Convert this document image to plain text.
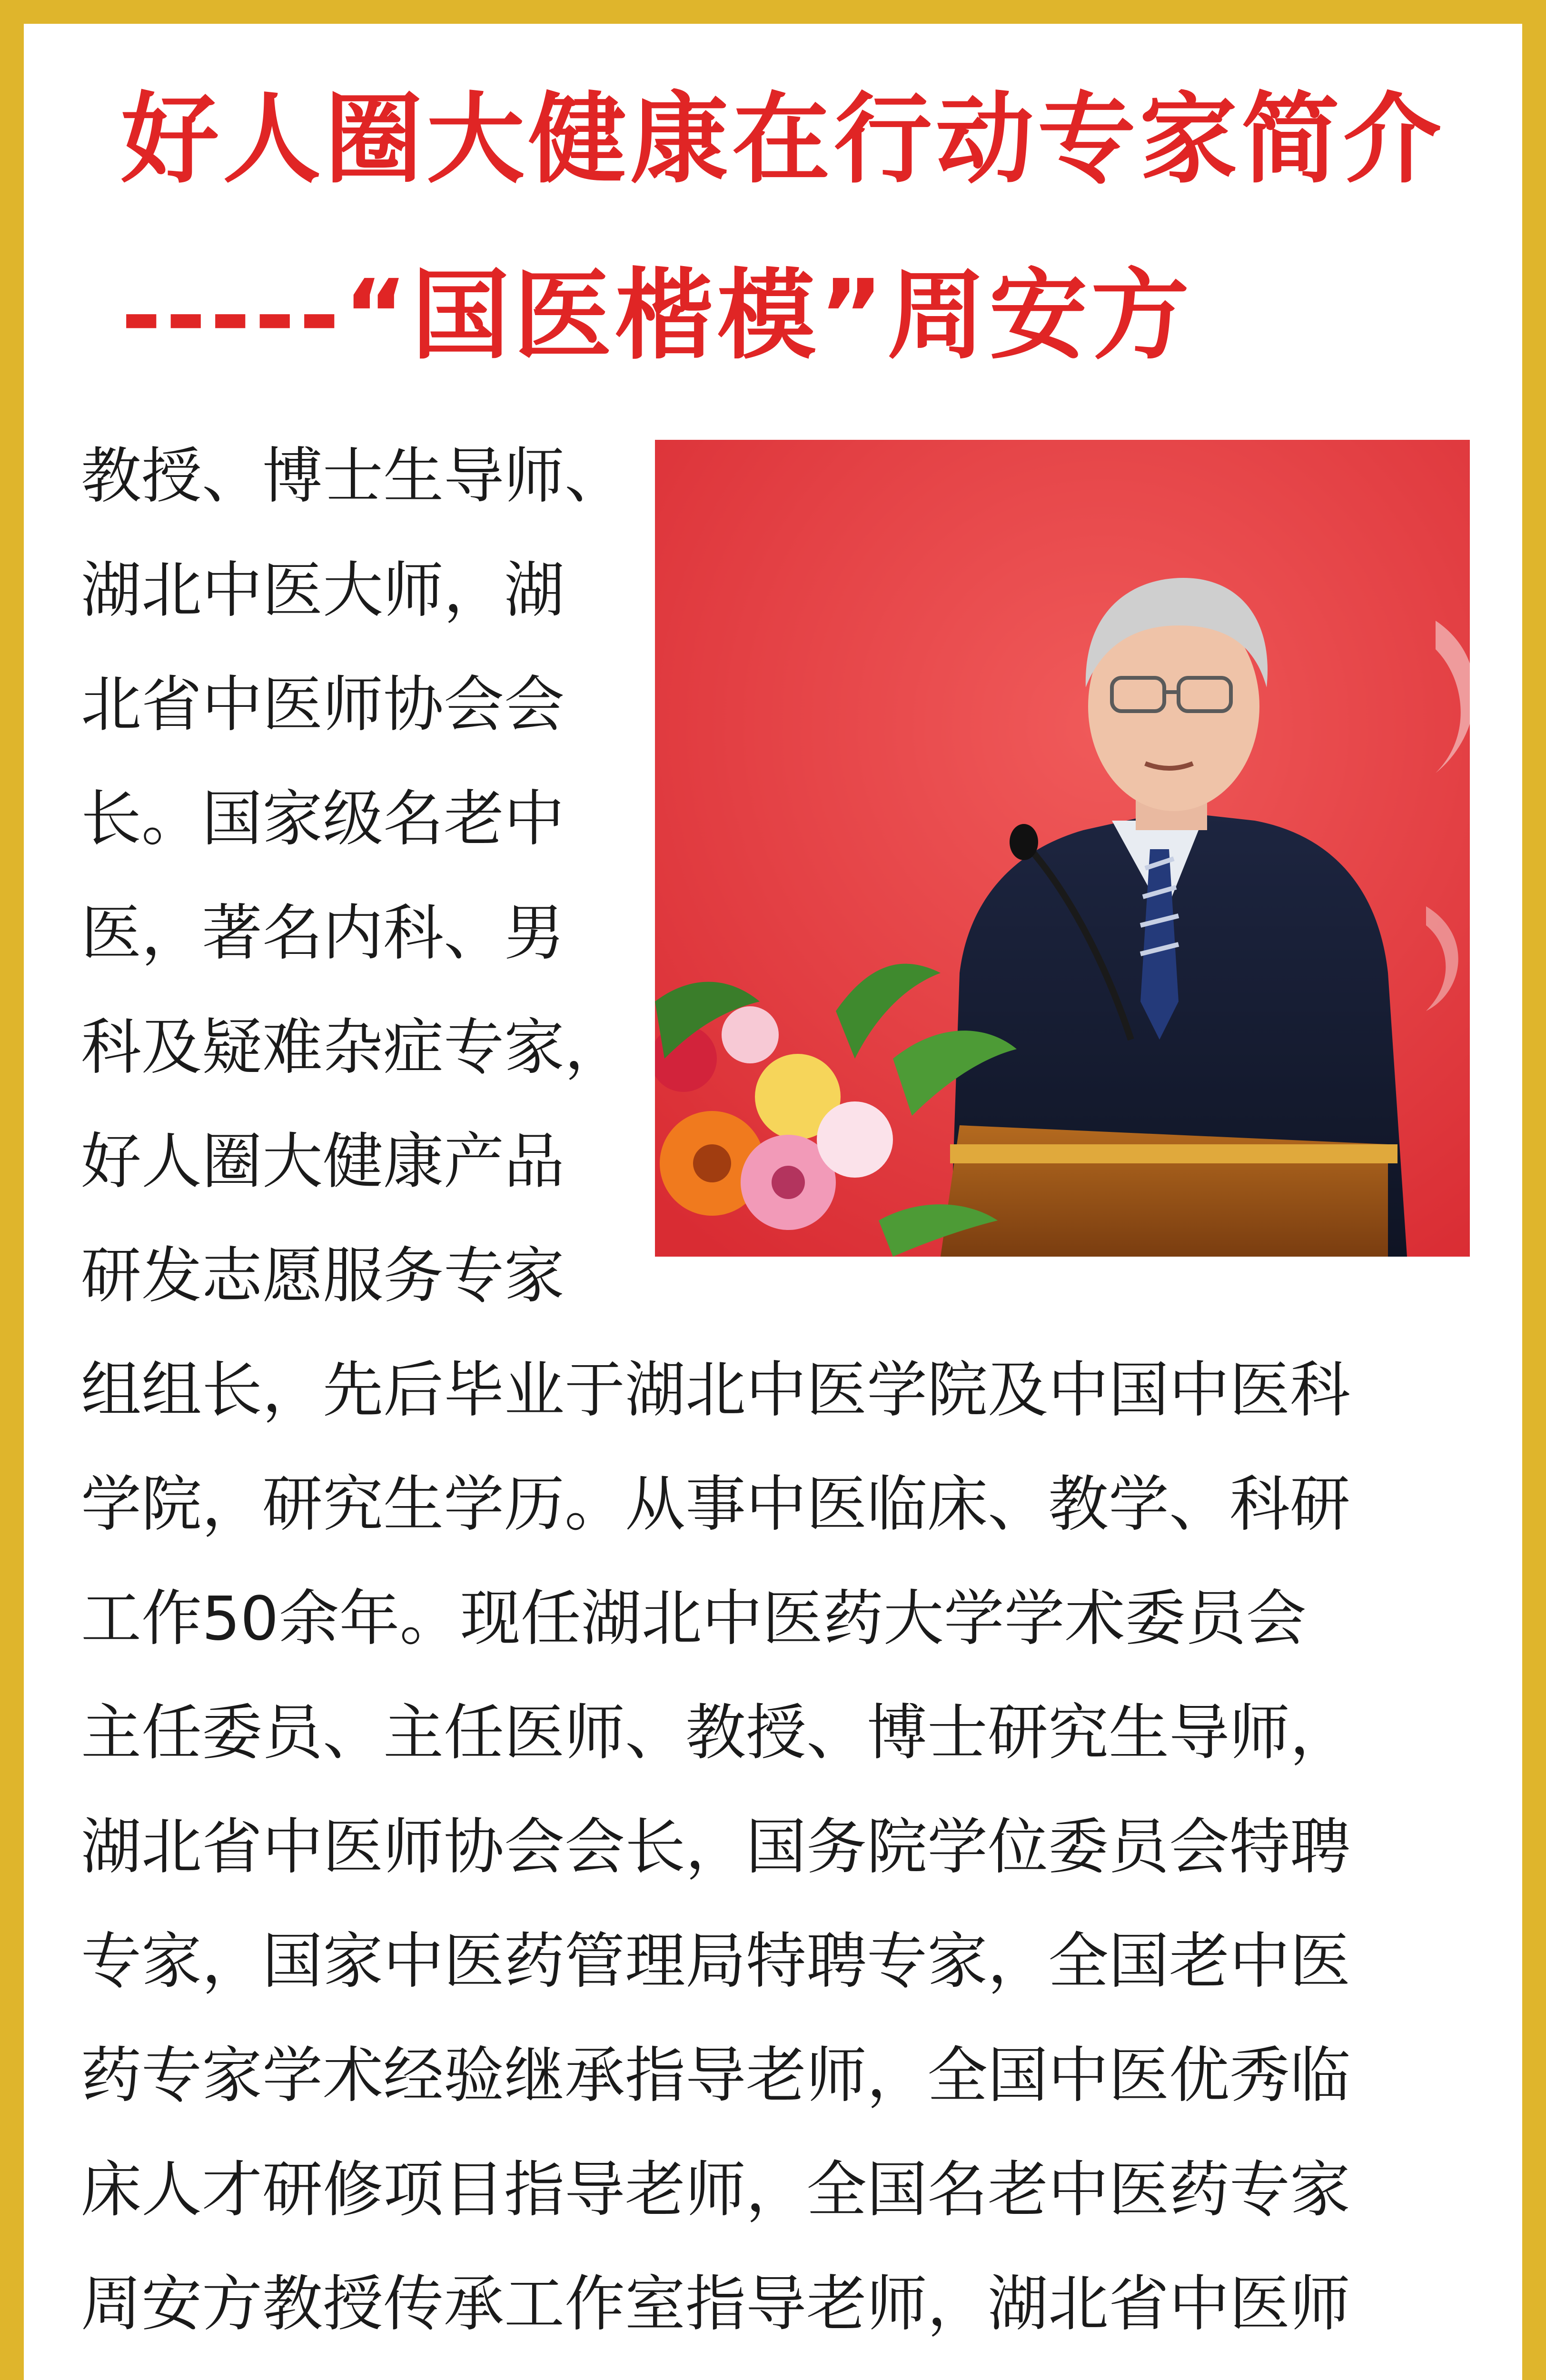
好人圈大健康在行动专家简介
-----“国医楷模”周安方
教授、博士生导师、
湖北中医大师，湖
北省中医师协会会
长。国家级名老中
医，著名内科、男
科及疑难杂症专家，
好人圈大健康产品
研发志愿服务专家
组组长，先后毕业于湖北中医学院及中国中医科
学院，研究生学历。从事中医临床、教学、科研
工作50余年。现任湖北中医药大学学术委员会
主任委员、主任医师、教授、博士研究生导师，
湖北省中医师协会会长，国务院学位委员会特聘
专家，国家中医药管理局特聘专家，全国老中医
药专家学术经验继承指导老师，全国中医优秀临
床人才研修项目指导老师，全国名老中医药专家
周安方教授传承工作室指导老师，湖北省中医师
